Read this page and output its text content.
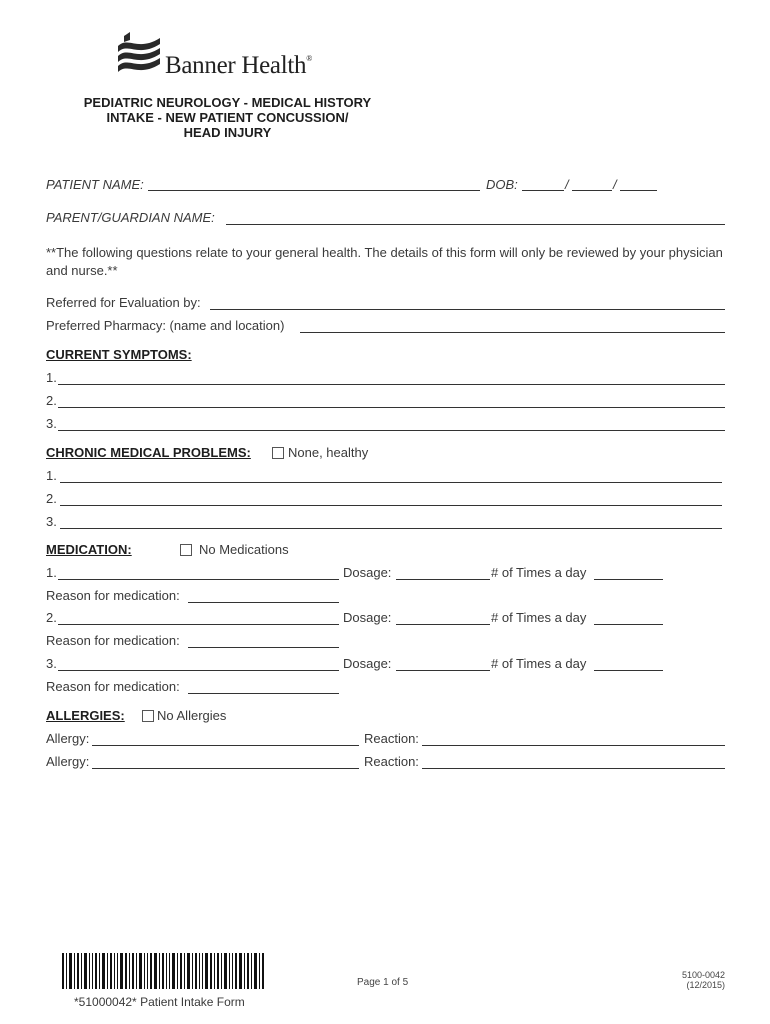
Banner Health®
PEDIATRIC NEUROLOGY - MEDICAL HISTORY
INTAKE - NEW PATIENT CONCUSSION/
HEAD INJURY
PATIENT NAME:	DOB:	/	/
PARENT/GUARDIAN NAME:
**The following questions relate to your general health. The details of this form will only be reviewed by your physician and nurse.**
Referred for Evaluation by:
Preferred Pharmacy: (name and location)
CURRENT SYMPTOMS:
1.
2.
3.
CHRONIC MEDICAL PROBLEMS:	None, healthy
1.
2.
3.
MEDICATION:	No Medications
1.	Dosage:	# of Times a day
Reason for medication:
2.	Dosage:	# of Times a day
Reason for medication:
3.	Dosage:	# of Times a day
Reason for medication:
ALLERGIES: No Allergies
Allergy:	Reaction:
Allergy:	Reaction:
*51000042* Patient Intake Form
Page 1 of 5
5100-0042
(12/2015)
